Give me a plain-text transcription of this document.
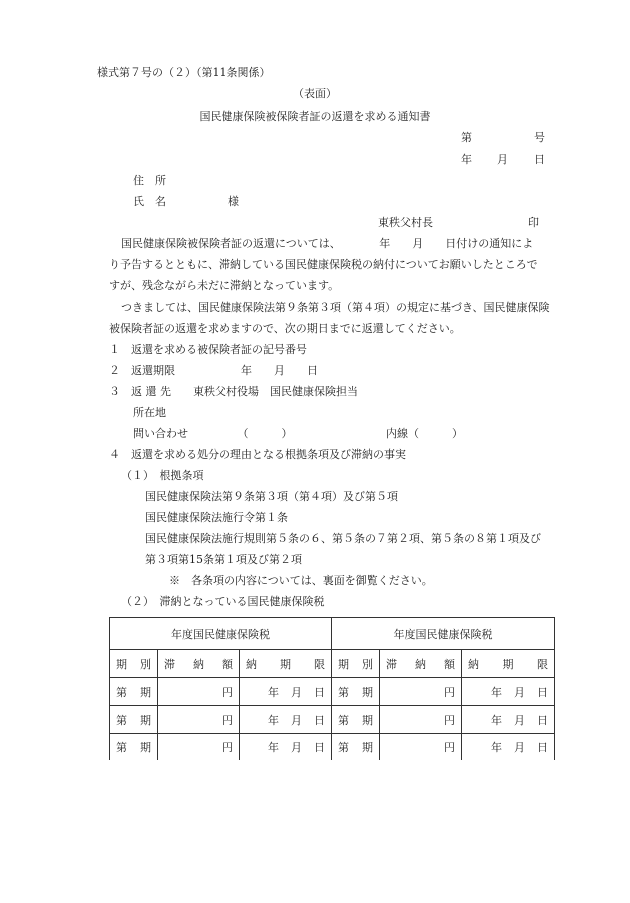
様式第７号の（２）（第11条関係）
（表面）
国民健康保険被保険者証の返還を求める通知書
第	号
年 月 日
住　所
氏　名	様
東秩父村長	印
国民健康保険被保険者証の返還については、　　　　年　　月　　日付けの通知によ
り予告するとともに、滞納している国民健康保険税の納付についてお願いしたところで
すが、残念ながら未だに滞納となっています。
つきましては、国民健康保険法第９条第３項（第４項）の規定に基づき、国民健康保険
被保険者証の返還を求めますので、次の期日までに返還してください。
１　返還を求める被保険者証の記号番号
２　返還期限　　　　　　年　　月　　日
３　返 還 先　　東秩父村役場　国民健康保険担当
所在地
問い合わせ　　　　　（　　　）　　　　　　　　　内線（　　　）
４　返還を求める処分の理由となる根拠条項及び滞納の事実
（１）　根拠条項
国民健康保険法第９条第３項（第４項）及び第５項
国民健康保険法施行令第１条
国民健康保険法施行規則第５条の６、第５条の７第２項、第５条の８第１項及び
第３項第15条第１項及び第２項
※　各条項の内容については、裏面を御覧ください。
（２）　滞納となっている国民健康保険税
年度国民健康保険税			年度国民健康保険税		

期 別	滞 納 額	納 期 限	期 別	滞 納 額	納 期 限

第 期	円	年 月 日	第 期	円	年 月 日

第 期	円	年 月 日	第 期	円	年 月 日

第 期	円	年 月 日	第 期	円	年 月 日
